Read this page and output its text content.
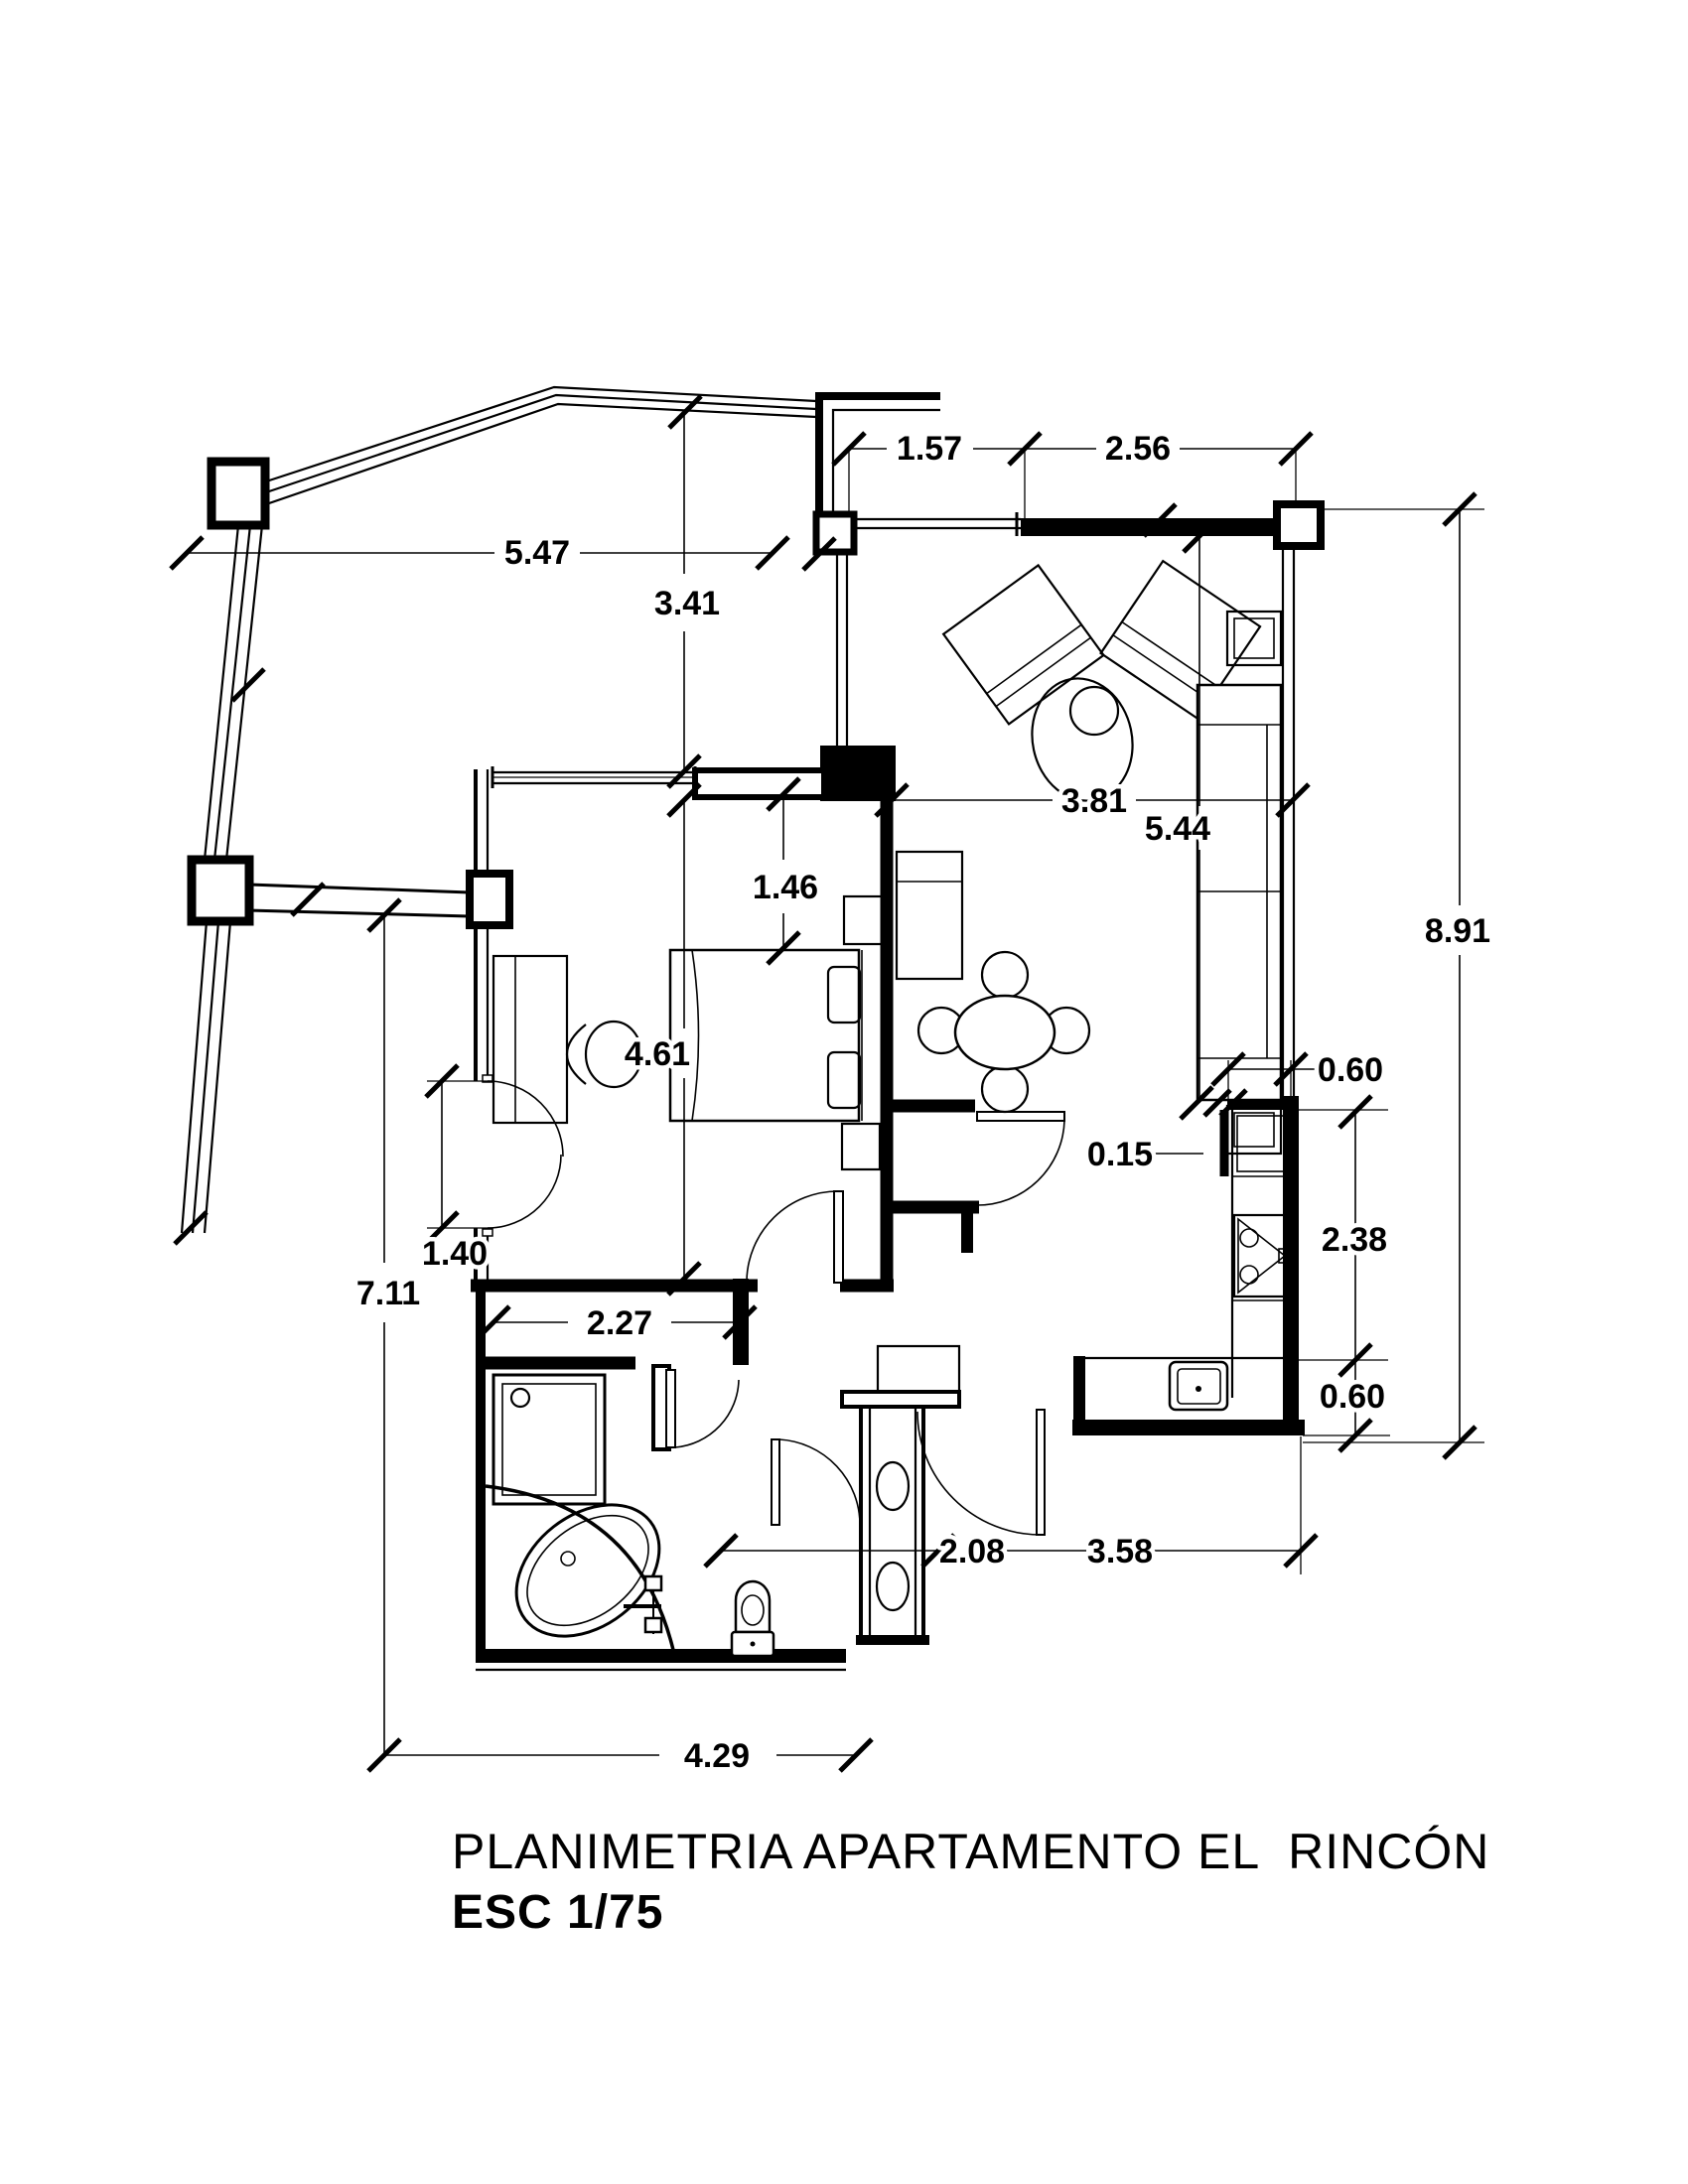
1.57	2.56
5.47
3.41
3.81
5.44
8.91
1.46
4.61
1.40
7.11
2.27
4.29
2.08 3.58
0.60
0.15
2.38
0.60
PLANIMETRIA APARTAMENTO EL  RINCÓN
ESC 1/75
